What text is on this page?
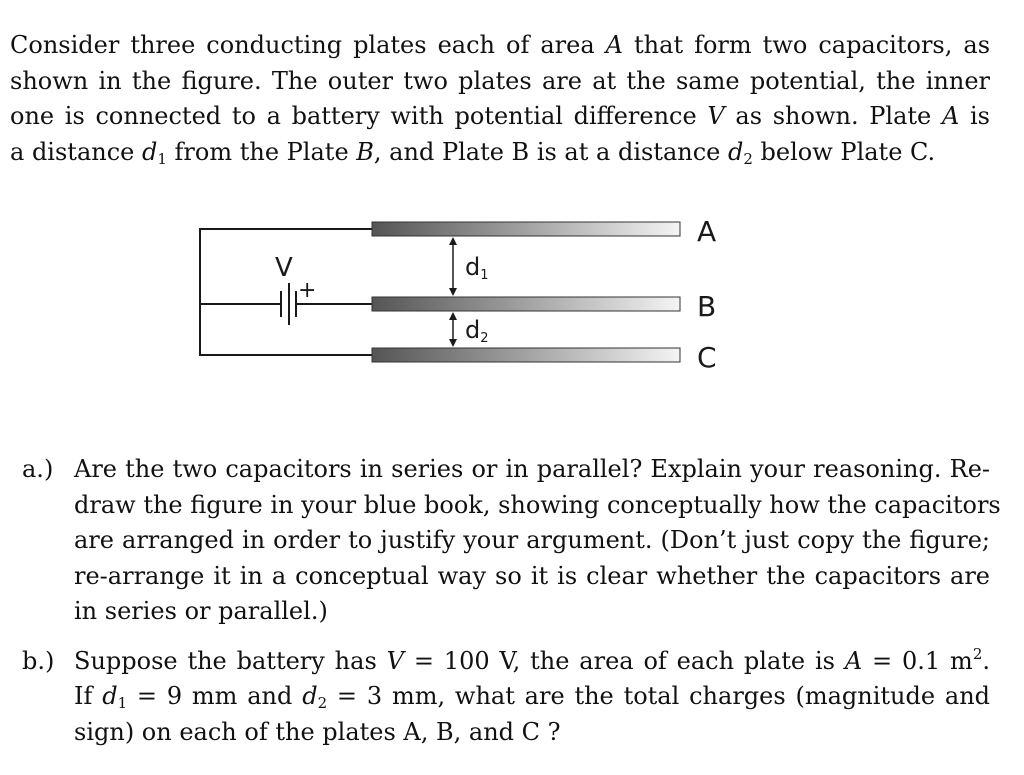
Consider three conducting plates each of area A that form two capacitors, as
shown in the figure. The outer two plates are at the same potential, the inner
one is connected to a battery with potential difference V as shown. Plate A is
a distance $d_1$ from the Plate B, and Plate B is at a distance $d_2$ below Plate C.
V
+
A
B
C
d1
d2
a.) Are the two capacitors in series or in parallel? Explain your reasoning. Re-
draw the figure in your blue book, showing conceptually how the capacitors
are arranged in order to justify your argument. (Don’t just copy the figure;
re-arrange it in a conceptual way so it is clear whether the capacitors are
in series or parallel.)
b.) Suppose the battery has V = 100 V, the area of each plate is A = 0.1 $m^2$.
If $d_1 = 9$ mm and $d_2 = 3$ mm, what are the total charges (magnitude and
sign) on each of the plates A, B, and C ?
